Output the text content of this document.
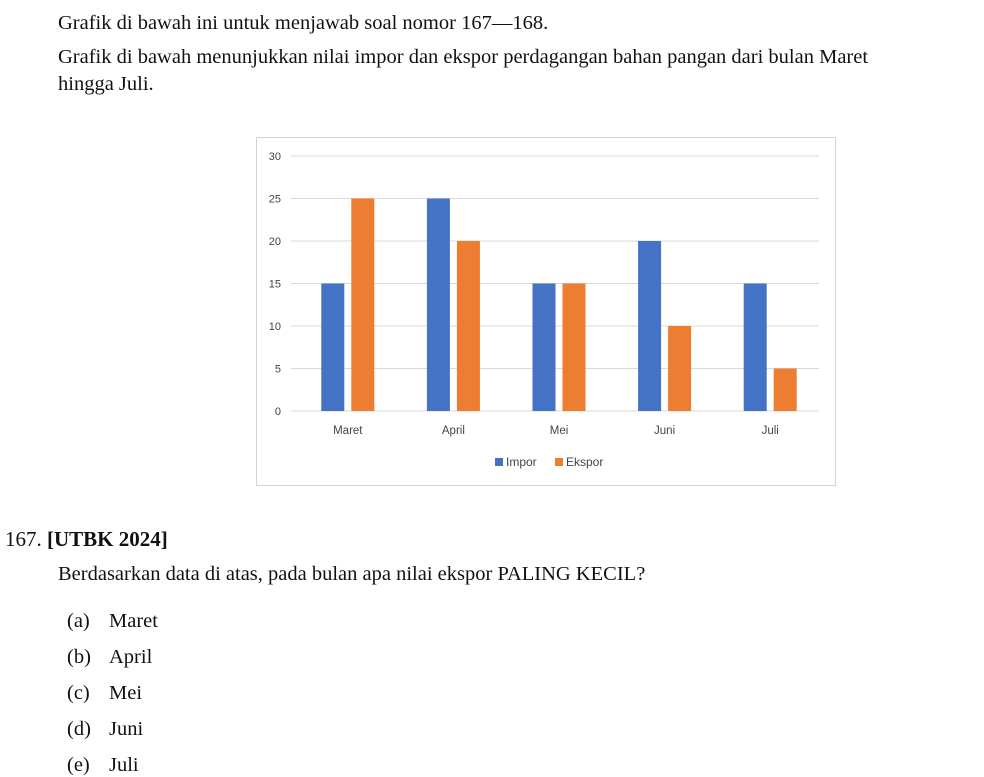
Grafik di bawah ini untuk menjawab soal nomor 167—168.
Grafik di bawah menunjukkan nilai impor dan ekspor perdagangan bahan pangan dari bulan Maret
hingga Juli.
0
5
10
15
20
25
30
Maret	April	Mei	Juni	Juli
Impor Ekspor
167. [UTBK 2024]
Berdasarkan data di atas, pada bulan apa nilai ekspor PALING KECIL?
(a) Maret
(b) April
(c) Mei
(d) Juni
(e) Juli
